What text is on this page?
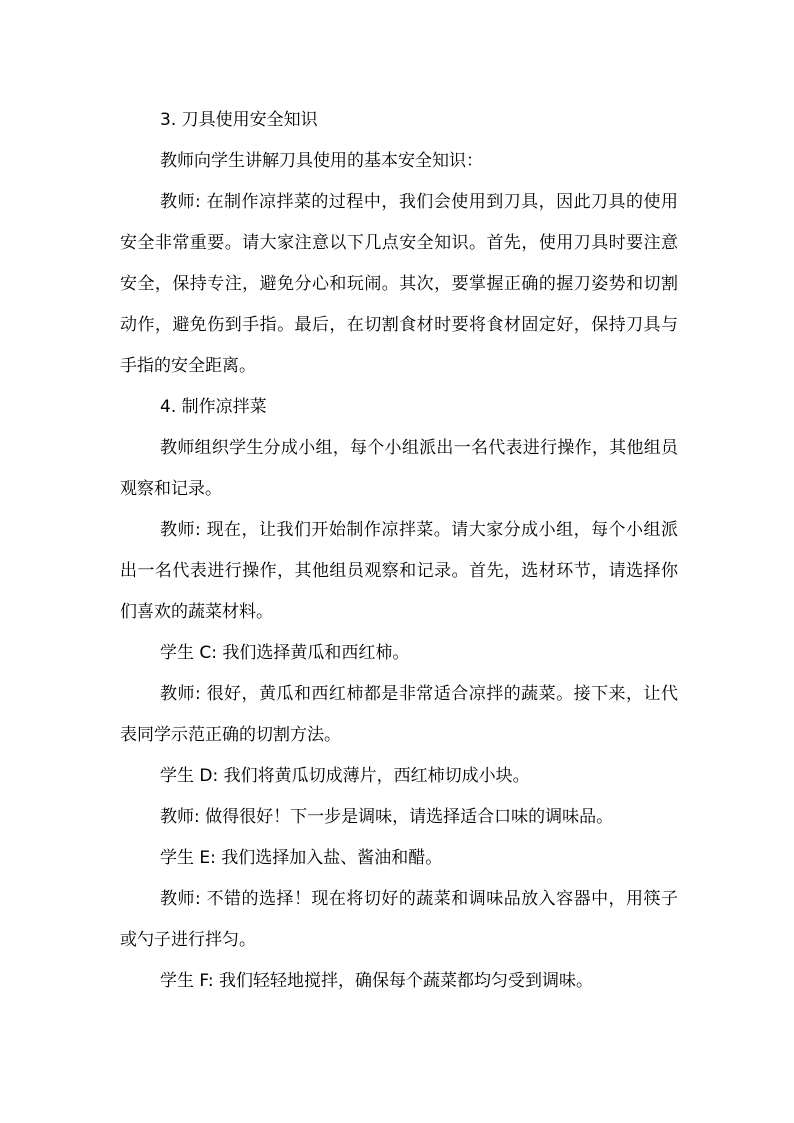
3. 刀具使用安全知识

教师向学生讲解刀具使用的基本安全知识：

教师: 在制作凉拌菜的过程中，我们会使用到刀具，因此刀具的使用安全非常重要。请大家注意以下几点安全知识。首先，使用刀具时要注意安全，保持专注，避免分心和玩闹。其次，要掌握正确的握刀姿势和切割动作，避免伤到手指。最后，在切割食材时要将食材固定好，保持刀具与手指的安全距离。

4. 制作凉拌菜

教师组织学生分成小组，每个小组派出一名代表进行操作，其他组员观察和记录。

教师: 现在，让我们开始制作凉拌菜。请大家分成小组，每个小组派出一名代表进行操作，其他组员观察和记录。首先，选材环节，请选择你们喜欢的蔬菜材料。

学生 C: 我们选择黄瓜和西红柿。

教师: 很好，黄瓜和西红柿都是非常适合凉拌的蔬菜。接下来，让代表同学示范正确的切割方法。

学生 D: 我们将黄瓜切成薄片，西红柿切成小块。

教师: 做得很好！下一步是调味，请选择适合口味的调味品。

学生 E: 我们选择加入盐、酱油和醋。

教师: 不错的选择！现在将切好的蔬菜和调味品放入容器中，用筷子或勺子进行拌匀。

学生 F: 我们轻轻地搅拌，确保每个蔬菜都均匀受到调味。
